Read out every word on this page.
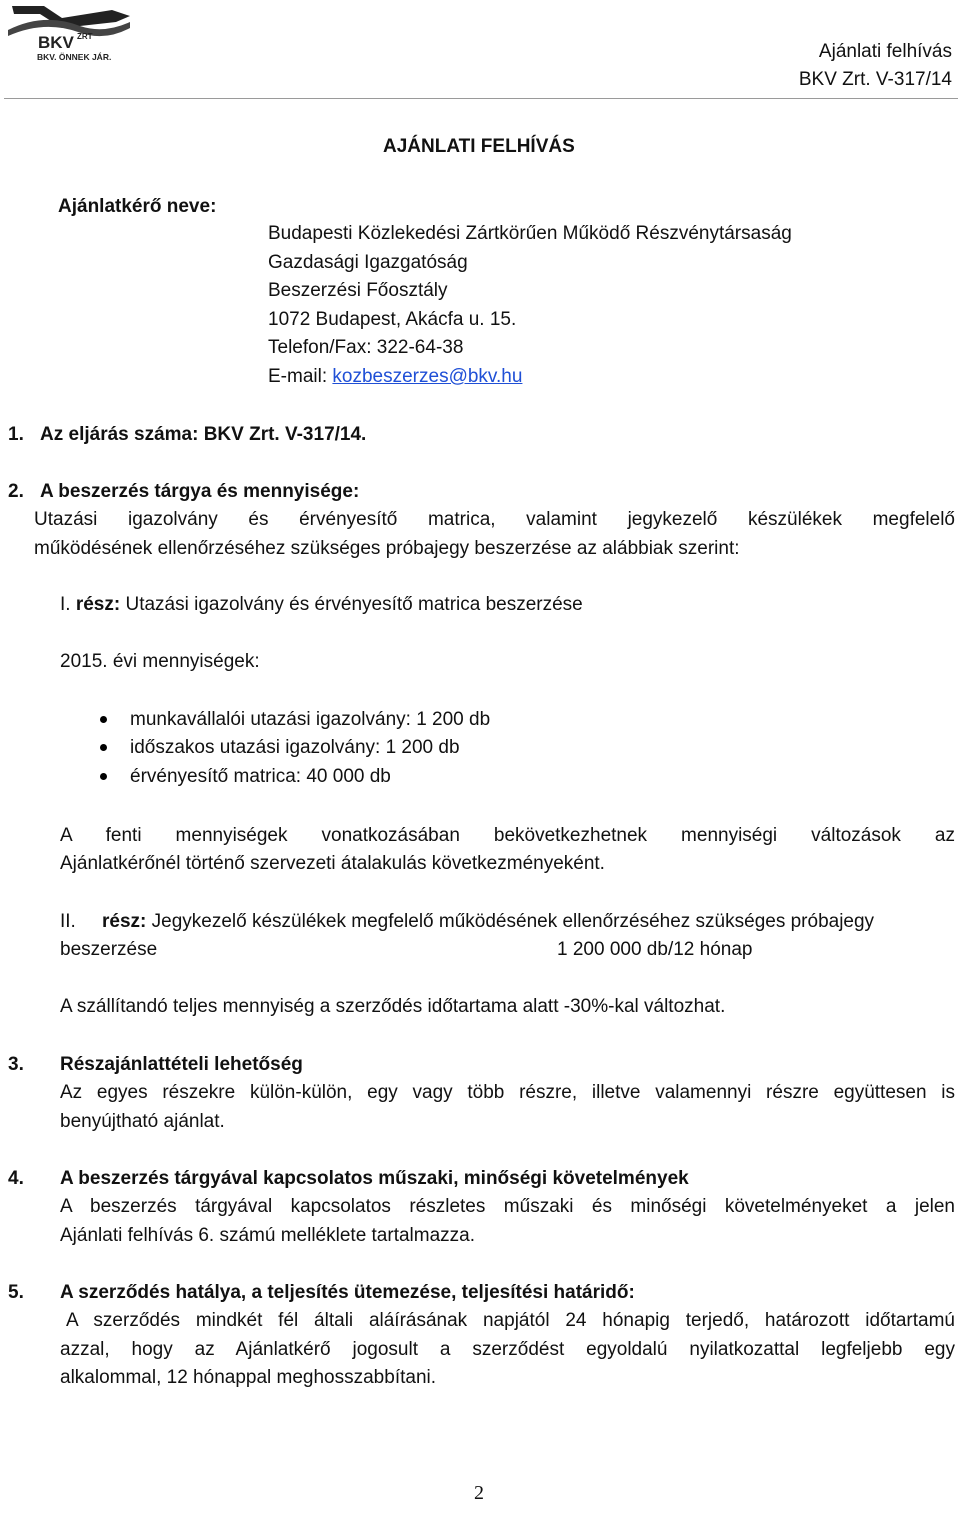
BKV ZRT
BKV. ÖNNEK JÁR.	Ajánlati felhívás
BKV Zrt. V-317/14
AJÁNLATI FELHÍVÁS
Ajánlatkérő neve:
Budapesti Közlekedési Zártkörűen Működő Részvénytársaság
Gazdasági Igazgatóság
Beszerzési Főosztály
1072 Budapest, Akácfa u. 15.
Telefon/Fax: 322-64-38
E-mail: kozbeszerzes@bkv.hu
1. Az eljárás száma: BKV Zrt. V-317/14.
2. A beszerzés tárgya és mennyisége:
Utazási igazolvány és érvényesítő matrica, valamint jegykezelő készülékek megfelelő
működésének ellenőrzéséhez szükséges próbajegy beszerzése az alábbiak szerint:
I. rész: Utazási igazolvány és érvényesítő matrica beszerzése
2015. évi mennyiségek:
munkavállalói utazási igazolvány: 1 200 db
időszakos utazási igazolvány: 1 200 db
érvényesítő matrica: 40 000 db
A fenti mennyiségek vonatkozásában bekövetkezhetnek mennyiségi változások az
Ajánlatkérőnél történő szervezeti átalakulás következményeként.
II. rész: Jegykezelő készülékek megfelelő működésének ellenőrzéséhez szükséges próbajegy
beszerzése	1 200 000 db/12 hónap
A szállítandó teljes mennyiség a szerződés időtartama alatt -30%-kal változhat.
3. Részajánlattételi lehetőség
Az egyes részekre külön-külön, egy vagy több részre, illetve valamennyi részre együttesen is
benyújtható ajánlat.
4. A beszerzés tárgyával kapcsolatos műszaki, minőségi követelmények
A beszerzés tárgyával kapcsolatos részletes műszaki és minőségi követelményeket a jelen
Ajánlati felhívás 6. számú melléklete tartalmazza.
5. A szerződés hatálya, a teljesítés ütemezése, teljesítési határidő:
A szerződés mindkét fél általi aláírásának napjától 24 hónapig terjedő, határozott időtartamú
azzal, hogy az Ajánlatkérő jogosult a szerződést egyoldalú nyilatkozattal legfeljebb egy
alkalommal, 12 hónappal meghosszabbítani.
2
